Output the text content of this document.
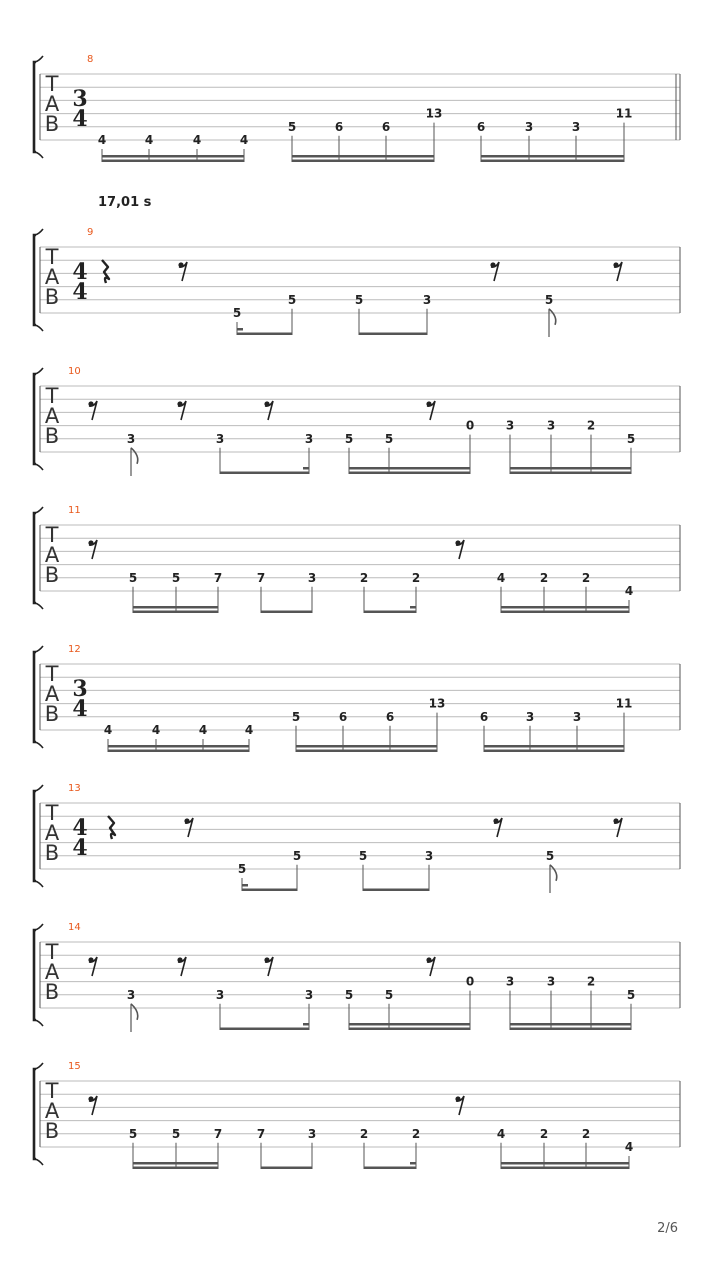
17,01 s
8
T
A
B
3
4
4	4	4	4
5	6	6
13
6	3	3
11
9
T
A
B
4
4
5
5	5	3	5
10
T
A
B	3	3	5	5
0	3	3	2
5
3
11
T
A
B	5	5	7	7	3	2	2	4	2	2
4
12
T
A
B
3
4
4	4	4	4
5	6	6
13
6	3	3
11
13
T
A
B
4
4
5
5	5	3	5
14
T
A
B	3	3	5	5
0	3	3	2
5
3
15
T
A
B	5	5	7	7	3	2	2	4	2	2
4
2/6
